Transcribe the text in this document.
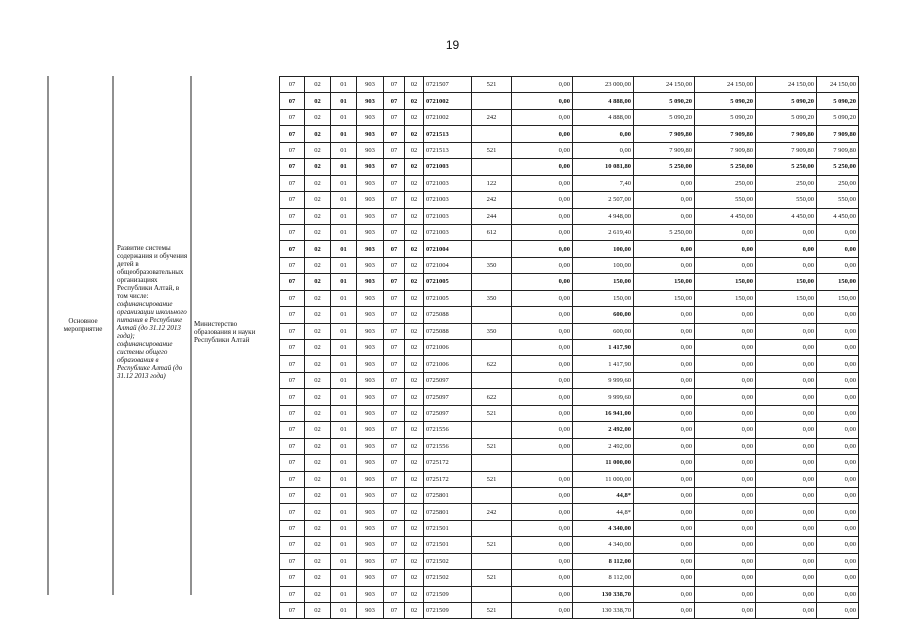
19
Основное мероприятие
Развитие системы содержания и обучения детей в общеобразовательных организациях Республики Алтай, в том числе:
софинансирование организации школьного питания в Республике Алтай (до 31.12 2013 года); софинансирование системы общего образования в Республике Алтай (до 31.12 2013 года)
Министерство образования и науки Республики Алтай
07	02	01	903	07	02	0721507	521	0,00	23 000,00	24 150,00	24 150,00	24 150,00	24 150,00
07	02	01	903	07	02	0721002		0,00	4 888,00	5 090,20	5 090,20	5 090,20	5 090,20
07	02	01	903	07	02	0721002	242	0,00	4 888,00	5 090,20	5 090,20	5 090,20	5 090,20
07	02	01	903	07	02	0721513		0,00	0,00	7 909,80	7 909,80	7 909,80	7 909,80
07	02	01	903	07	02	0721513	521	0,00	0,00	7 909,80	7 909,80	7 909,80	7 909,80
07	02	01	903	07	02	0721003		0,00	10 081,80	5 250,00	5 250,00	5 250,00	5 250,00
07	02	01	903	07	02	0721003	122	0,00	7,40	0,00	250,00	250,00	250,00
07	02	01	903	07	02	0721003	242	0,00	2 507,00	0,00	550,00	550,00	550,00
07	02	01	903	07	02	0721003	244	0,00	4 948,00	0,00	4 450,00	4 450,00	4 450,00
07	02	01	903	07	02	0721003	612	0,00	2 619,40	5 250,00	0,00	0,00	0,00
07	02	01	903	07	02	0721004		0,00	100,00	0,00	0,00	0,00	0,00
07	02	01	903	07	02	0721004	350	0,00	100,00	0,00	0,00	0,00	0,00
07	02	01	903	07	02	0721005		0,00	150,00	150,00	150,00	150,00	150,00
07	02	01	903	07	02	0721005	350	0,00	150,00	150,00	150,00	150,00	150,00
07	02	01	903	07	02	0725088		0,00	600,00	0,00	0,00	0,00	0,00
07	02	01	903	07	02	0725088	350	0,00	600,00	0,00	0,00	0,00	0,00
07	02	01	903	07	02	0721006		0,00	1 417,90	0,00	0,00	0,00	0,00
07	02	01	903	07	02	0721006	622	0,00	1 417,90	0,00	0,00	0,00	0,00
07	02	01	903	07	02	0725097		0,00	9 999,60	0,00	0,00	0,00	0,00
07	02	01	903	07	02	0725097	622	0,00	9 999,60	0,00	0,00	0,00	0,00
07	02	01	903	07	02	0725097	521	0,00	16 941,00	0,00	0,00	0,00	0,00
07	02	01	903	07	02	0721556		0,00	2 492,00	0,00	0,00	0,00	0,00
07	02	01	903	07	02	0721556	521	0,00	2 492,00	0,00	0,00	0,00	0,00
07	02	01	903	07	02	0725172			11 000,00	0,00	0,00	0,00	0,00
07	02	01	903	07	02	0725172	521	0,00	11 000,00	0,00	0,00	0,00	0,00
07	02	01	903	07	02	0725801		0,00	44,8*	0,00	0,00	0,00	0,00
07	02	01	903	07	02	0725801	242	0,00	44,8*	0,00	0,00	0,00	0,00
07	02	01	903	07	02	0721501		0,00	4 340,00	0,00	0,00	0,00	0,00
07	02	01	903	07	02	0721501	521	0,00	4 340,00	0,00	0,00	0,00	0,00
07	02	01	903	07	02	0721502		0,00	8 112,00	0,00	0,00	0,00	0,00
07	02	01	903	07	02	0721502	521	0,00	8 112,00	0,00	0,00	0,00	0,00
07	02	01	903	07	02	0721509		0,00	130 338,70	0,00	0,00	0,00	0,00
07	02	01	903	07	02	0721509	521	0,00	130 338,70	0,00	0,00	0,00	0,00
